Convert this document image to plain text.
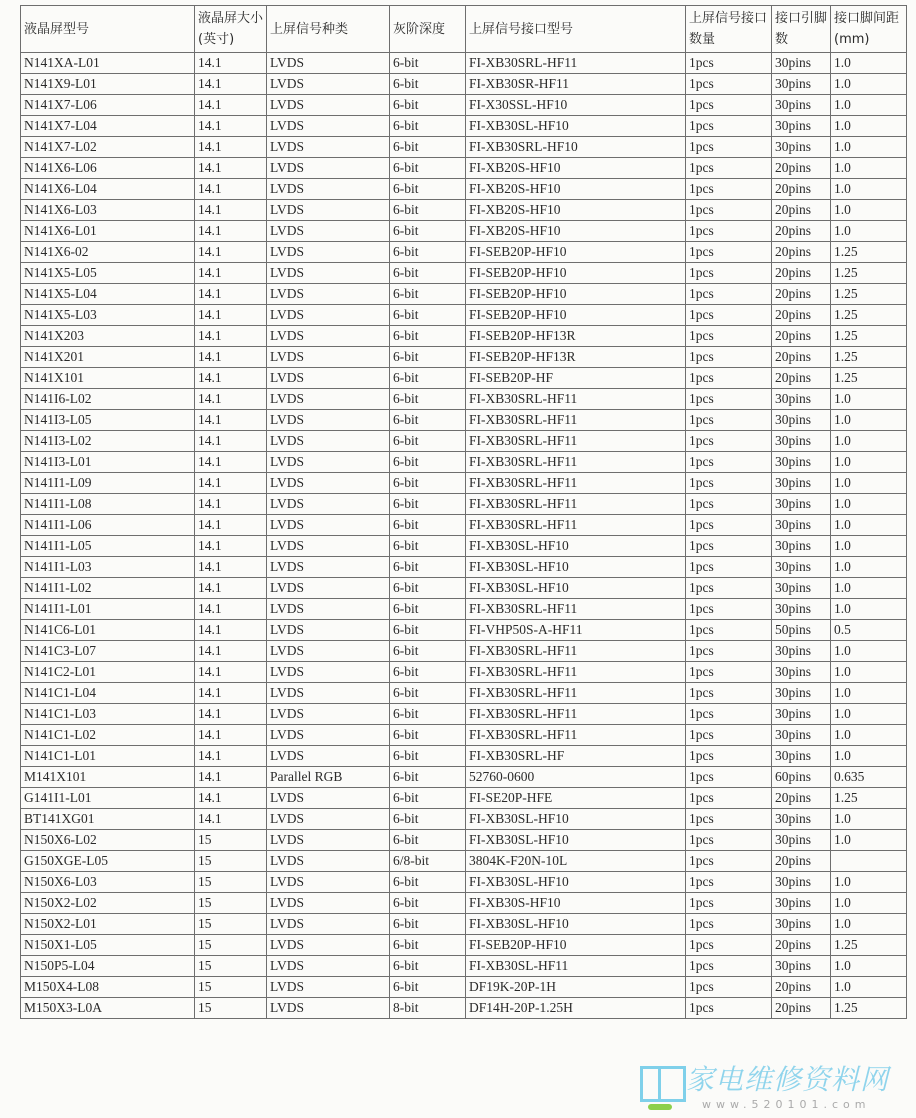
液晶屏型号	液晶屏大小(英寸)	上屏信号种类	灰阶深度	上屏信号接口型号	上屏信号接口数量	接口引脚数	接口脚间距(mm)
N141XA-L01	14.1	LVDS	6-bit	FI-XB30SRL-HF11	1pcs	30pins	1.0
N141X9-L01	14.1	LVDS	6-bit	FI-XB30SR-HF11	1pcs	30pins	1.0
N141X7-L06	14.1	LVDS	6-bit	FI-X30SSL-HF10	1pcs	30pins	1.0
N141X7-L04	14.1	LVDS	6-bit	FI-XB30SL-HF10	1pcs	30pins	1.0
N141X7-L02	14.1	LVDS	6-bit	FI-XB30SRL-HF10	1pcs	30pins	1.0
N141X6-L06	14.1	LVDS	6-bit	FI-XB20S-HF10	1pcs	20pins	1.0
N141X6-L04	14.1	LVDS	6-bit	FI-XB20S-HF10	1pcs	20pins	1.0
N141X6-L03	14.1	LVDS	6-bit	FI-XB20S-HF10	1pcs	20pins	1.0
N141X6-L01	14.1	LVDS	6-bit	FI-XB20S-HF10	1pcs	20pins	1.0
N141X6-02	14.1	LVDS	6-bit	FI-SEB20P-HF10	1pcs	20pins	1.25
N141X5-L05	14.1	LVDS	6-bit	FI-SEB20P-HF10	1pcs	20pins	1.25
N141X5-L04	14.1	LVDS	6-bit	FI-SEB20P-HF10	1pcs	20pins	1.25
N141X5-L03	14.1	LVDS	6-bit	FI-SEB20P-HF10	1pcs	20pins	1.25
N141X203	14.1	LVDS	6-bit	FI-SEB20P-HF13R	1pcs	20pins	1.25
N141X201	14.1	LVDS	6-bit	FI-SEB20P-HF13R	1pcs	20pins	1.25
N141X101	14.1	LVDS	6-bit	FI-SEB20P-HF	1pcs	20pins	1.25
N141I6-L02	14.1	LVDS	6-bit	FI-XB30SRL-HF11	1pcs	30pins	1.0
N141I3-L05	14.1	LVDS	6-bit	FI-XB30SRL-HF11	1pcs	30pins	1.0
N141I3-L02	14.1	LVDS	6-bit	FI-XB30SRL-HF11	1pcs	30pins	1.0
N141I3-L01	14.1	LVDS	6-bit	FI-XB30SRL-HF11	1pcs	30pins	1.0
N141I1-L09	14.1	LVDS	6-bit	FI-XB30SRL-HF11	1pcs	30pins	1.0
N141I1-L08	14.1	LVDS	6-bit	FI-XB30SRL-HF11	1pcs	30pins	1.0
N141I1-L06	14.1	LVDS	6-bit	FI-XB30SRL-HF11	1pcs	30pins	1.0
N141I1-L05	14.1	LVDS	6-bit	FI-XB30SL-HF10	1pcs	30pins	1.0
N141I1-L03	14.1	LVDS	6-bit	FI-XB30SL-HF10	1pcs	30pins	1.0
N141I1-L02	14.1	LVDS	6-bit	FI-XB30SL-HF10	1pcs	30pins	1.0
N141I1-L01	14.1	LVDS	6-bit	FI-XB30SRL-HF11	1pcs	30pins	1.0
N141C6-L01	14.1	LVDS	6-bit	FI-VHP50S-A-HF11	1pcs	50pins	0.5
N141C3-L07	14.1	LVDS	6-bit	FI-XB30SRL-HF11	1pcs	30pins	1.0
N141C2-L01	14.1	LVDS	6-bit	FI-XB30SRL-HF11	1pcs	30pins	1.0
N141C1-L04	14.1	LVDS	6-bit	FI-XB30SRL-HF11	1pcs	30pins	1.0
N141C1-L03	14.1	LVDS	6-bit	FI-XB30SRL-HF11	1pcs	30pins	1.0
N141C1-L02	14.1	LVDS	6-bit	FI-XB30SRL-HF11	1pcs	30pins	1.0
N141C1-L01	14.1	LVDS	6-bit	FI-XB30SRL-HF	1pcs	30pins	1.0
M141X101	14.1	Parallel RGB	6-bit	52760-0600	1pcs	60pins	0.635
G141I1-L01	14.1	LVDS	6-bit	FI-SE20P-HFE	1pcs	20pins	1.25
BT141XG01	14.1	LVDS	6-bit	FI-XB30SL-HF10	1pcs	30pins	1.0
N150X6-L02	15	LVDS	6-bit	FI-XB30SL-HF10	1pcs	30pins	1.0
G150XGE-L05	15	LVDS	6/8-bit	3804K-F20N-10L	1pcs	20pins	
N150X6-L03	15	LVDS	6-bit	FI-XB30SL-HF10	1pcs	30pins	1.0
N150X2-L02	15	LVDS	6-bit	FI-XB30S-HF10	1pcs	30pins	1.0
N150X2-L01	15	LVDS	6-bit	FI-XB30SL-HF10	1pcs	30pins	1.0
N150X1-L05	15	LVDS	6-bit	FI-SEB20P-HF10	1pcs	20pins	1.25
N150P5-L04	15	LVDS	6-bit	FI-XB30SL-HF11	1pcs	30pins	1.0
M150X4-L08	15	LVDS	6-bit	DF19K-20P-1H	1pcs	20pins	1.0
M150X3-L0A	15	LVDS	8-bit	DF14H-20P-1.25H	1pcs	20pins	1.25
家电维修资料网
www.520101.com
